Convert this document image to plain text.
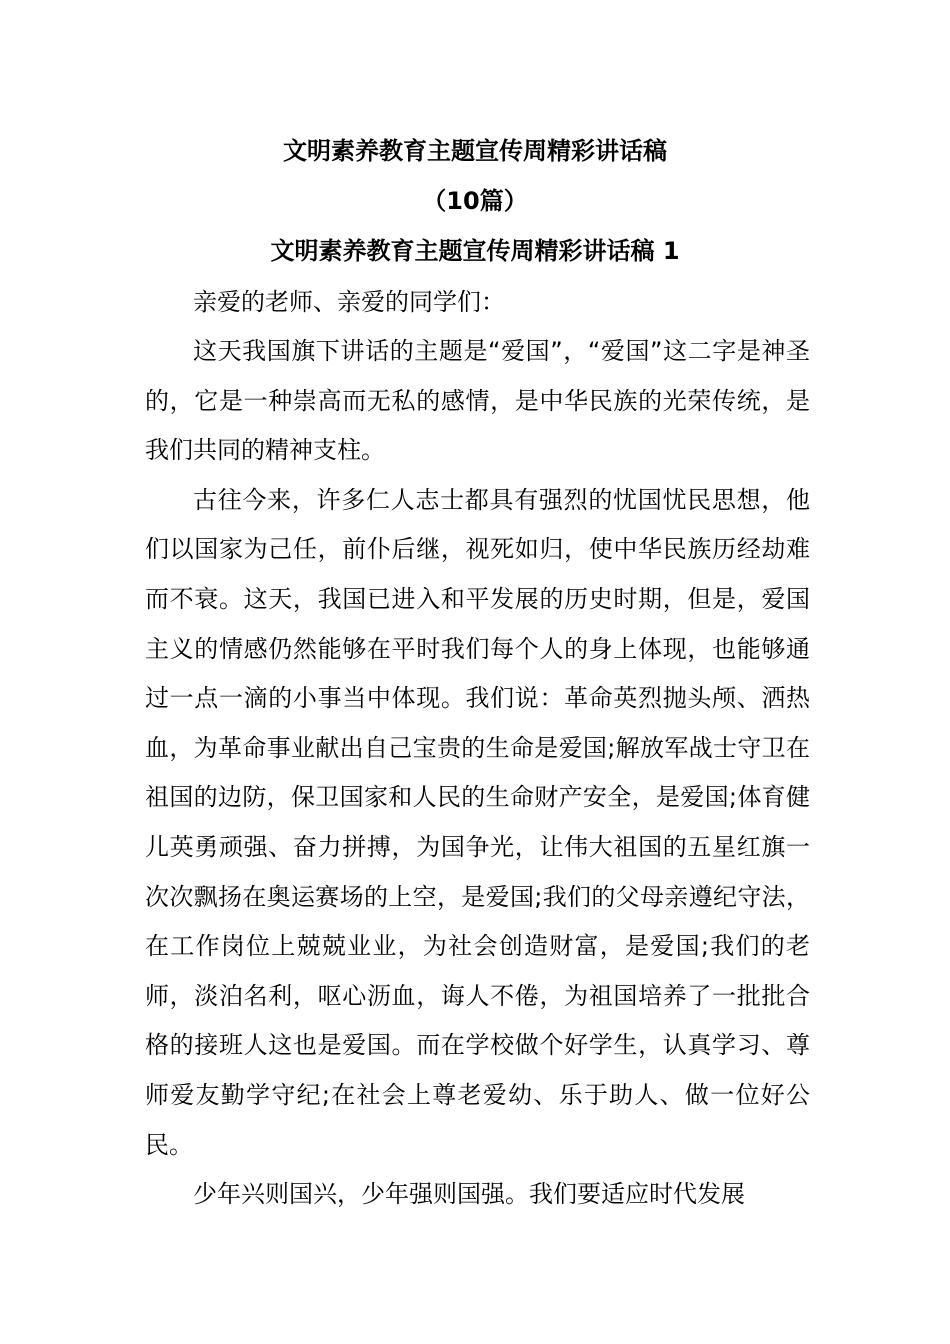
文明素养教育主题宣传周精彩讲话稿
（10篇）
文明素养教育主题宣传周精彩讲话稿 1

亲爱的老师、亲爱的同学们：

这天我国旗下讲话的主题是“爱国”，“爱国”这二字是神圣的，它是一种崇高而无私的感情，是中华民族的光荣传统，是我们共同的精神支柱。

古往今来，许多仁人志士都具有强烈的忧国忧民思想，他们以国家为己任，前仆后继，视死如归，使中华民族历经劫难而不衰。这天，我国已进入和平发展的历史时期，但是，爱国主义的情感仍然能够在平时我们每个人的身上体现，也能够通过一点一滴的小事当中体现。我们说：革命英烈抛头颅、洒热血，为革命事业献出自己宝贵的生命是爱国;解放军战士守卫在祖国的边防，保卫国家和人民的生命财产安全，是爱国;体育健儿英勇顽强、奋力拼搏，为国争光，让伟大祖国的五星红旗一次次飘扬在奥运赛场的上空，是爱国;我们的父母亲遵纪守法，在工作岗位上兢兢业业，为社会创造财富，是爱国;我们的老师，淡泊名利，呕心沥血，诲人不倦，为祖国培养了一批批合格的接班人这也是爱国。而在学校做个好学生，认真学习、尊师爱友勤学守纪;在社会上尊老爱幼、乐于助人、做一位好公民。

少年兴则国兴，少年强则国强。我们要适应时代发展
